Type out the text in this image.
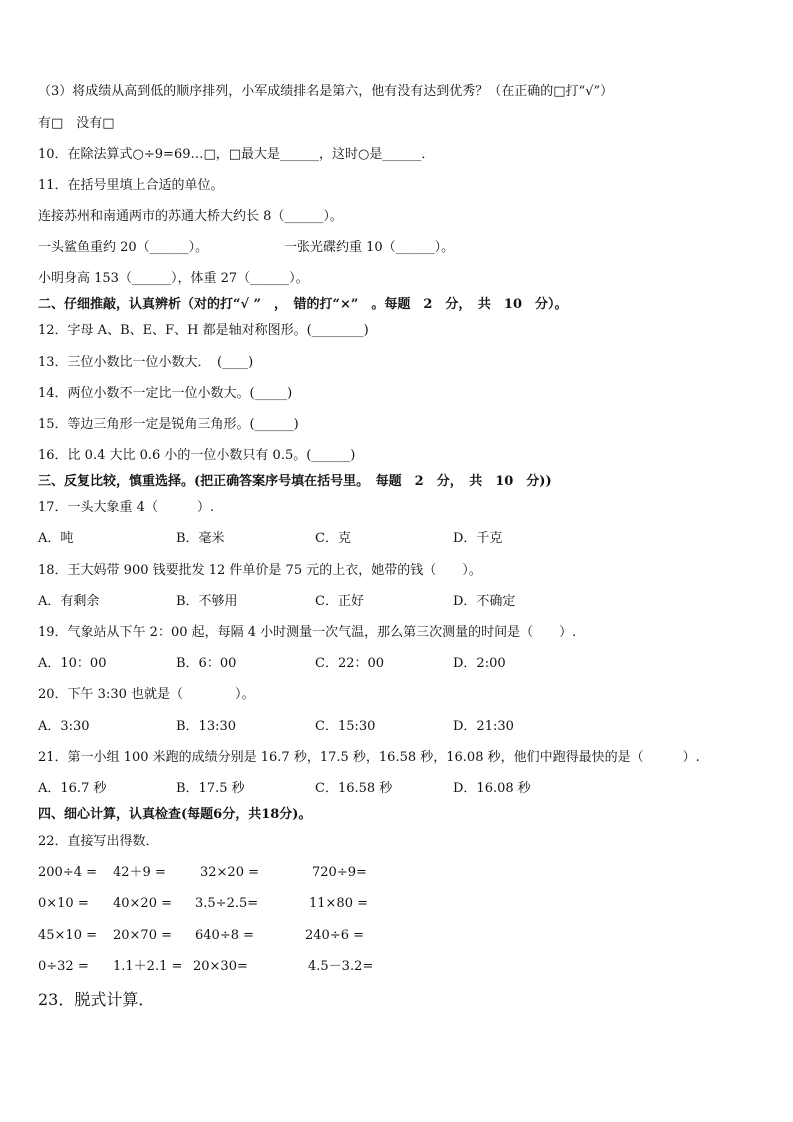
（3）将成绩从高到低的顺序排列，小军成绩排名是第六，他有没有达到优秀？（在正确的□打“√”）
有□　没有□
10．在除法算式○÷9=69…□，□最大是______，这时○是______．
11．在括号里填上合适的单位。
连接苏州和南通两市的苏通大桥大约长 8（______）。
一头鲨鱼重约 20（______）。	一张光碟约重 10（______）。
小明身高 153（______），体重 27（______）。
二、仔细推敲，认真辨析（对的打“√ ”　，　错的打“×”　。每题　2　分，　共　10　分）。
12．字母 A、B、E、F、H 都是轴对称图形。(________)
13．三位小数比一位小数大．　(____)
14．两位小数不一定比一位小数大。(_____)
15．等边三角形一定是锐角三角形。(______)
16．比 0.4 大比 0.6 小的一位小数只有 0.5。(______)
三、反复比较，慎重选择。(把正确答案序号填在括号里。　每题　2　分，　共　10　分))
17．一头大象重 4（　　　）.
A．吨	B．毫米	C．克	D．千克
18．王大妈带 900 钱要批发 12 件单价是 75 元的上衣，她带的钱（　　）。
A．有剩余	B．不够用	C．正好	D．不确定
19．气象站从下午 2：00 起，每隔 4 小时测量一次气温，那么第三次测量的时间是（　　）.
A．10：00	B．6：00	C．22：00	D．2:00
20．下午 3:30 也就是（　　　　）。
A．3:30	B．13:30	C．15:30	D．21:30
21．第一小组 100 米跑的成绩分别是 16.7 秒，17.5 秒，16.58 秒，16.08 秒，他们中跑得最快的是（　　　）.
A．16.7 秒	B．17.5 秒	C．16.58 秒	D．16.08 秒
四、细心计算，认真检查(每题6分，共18分)。
22．直接写出得数．
200÷4 = 42＋9 =	32×20 =	720÷9=
0×10 = 40×20 = 3.5÷2.5=	11×80 =
45×10 = 20×70 = 640÷8 =	240÷6 =
0÷32 = 1.1＋2.1 = 20×30=	4.5－3.2=
23．脱式计算．
